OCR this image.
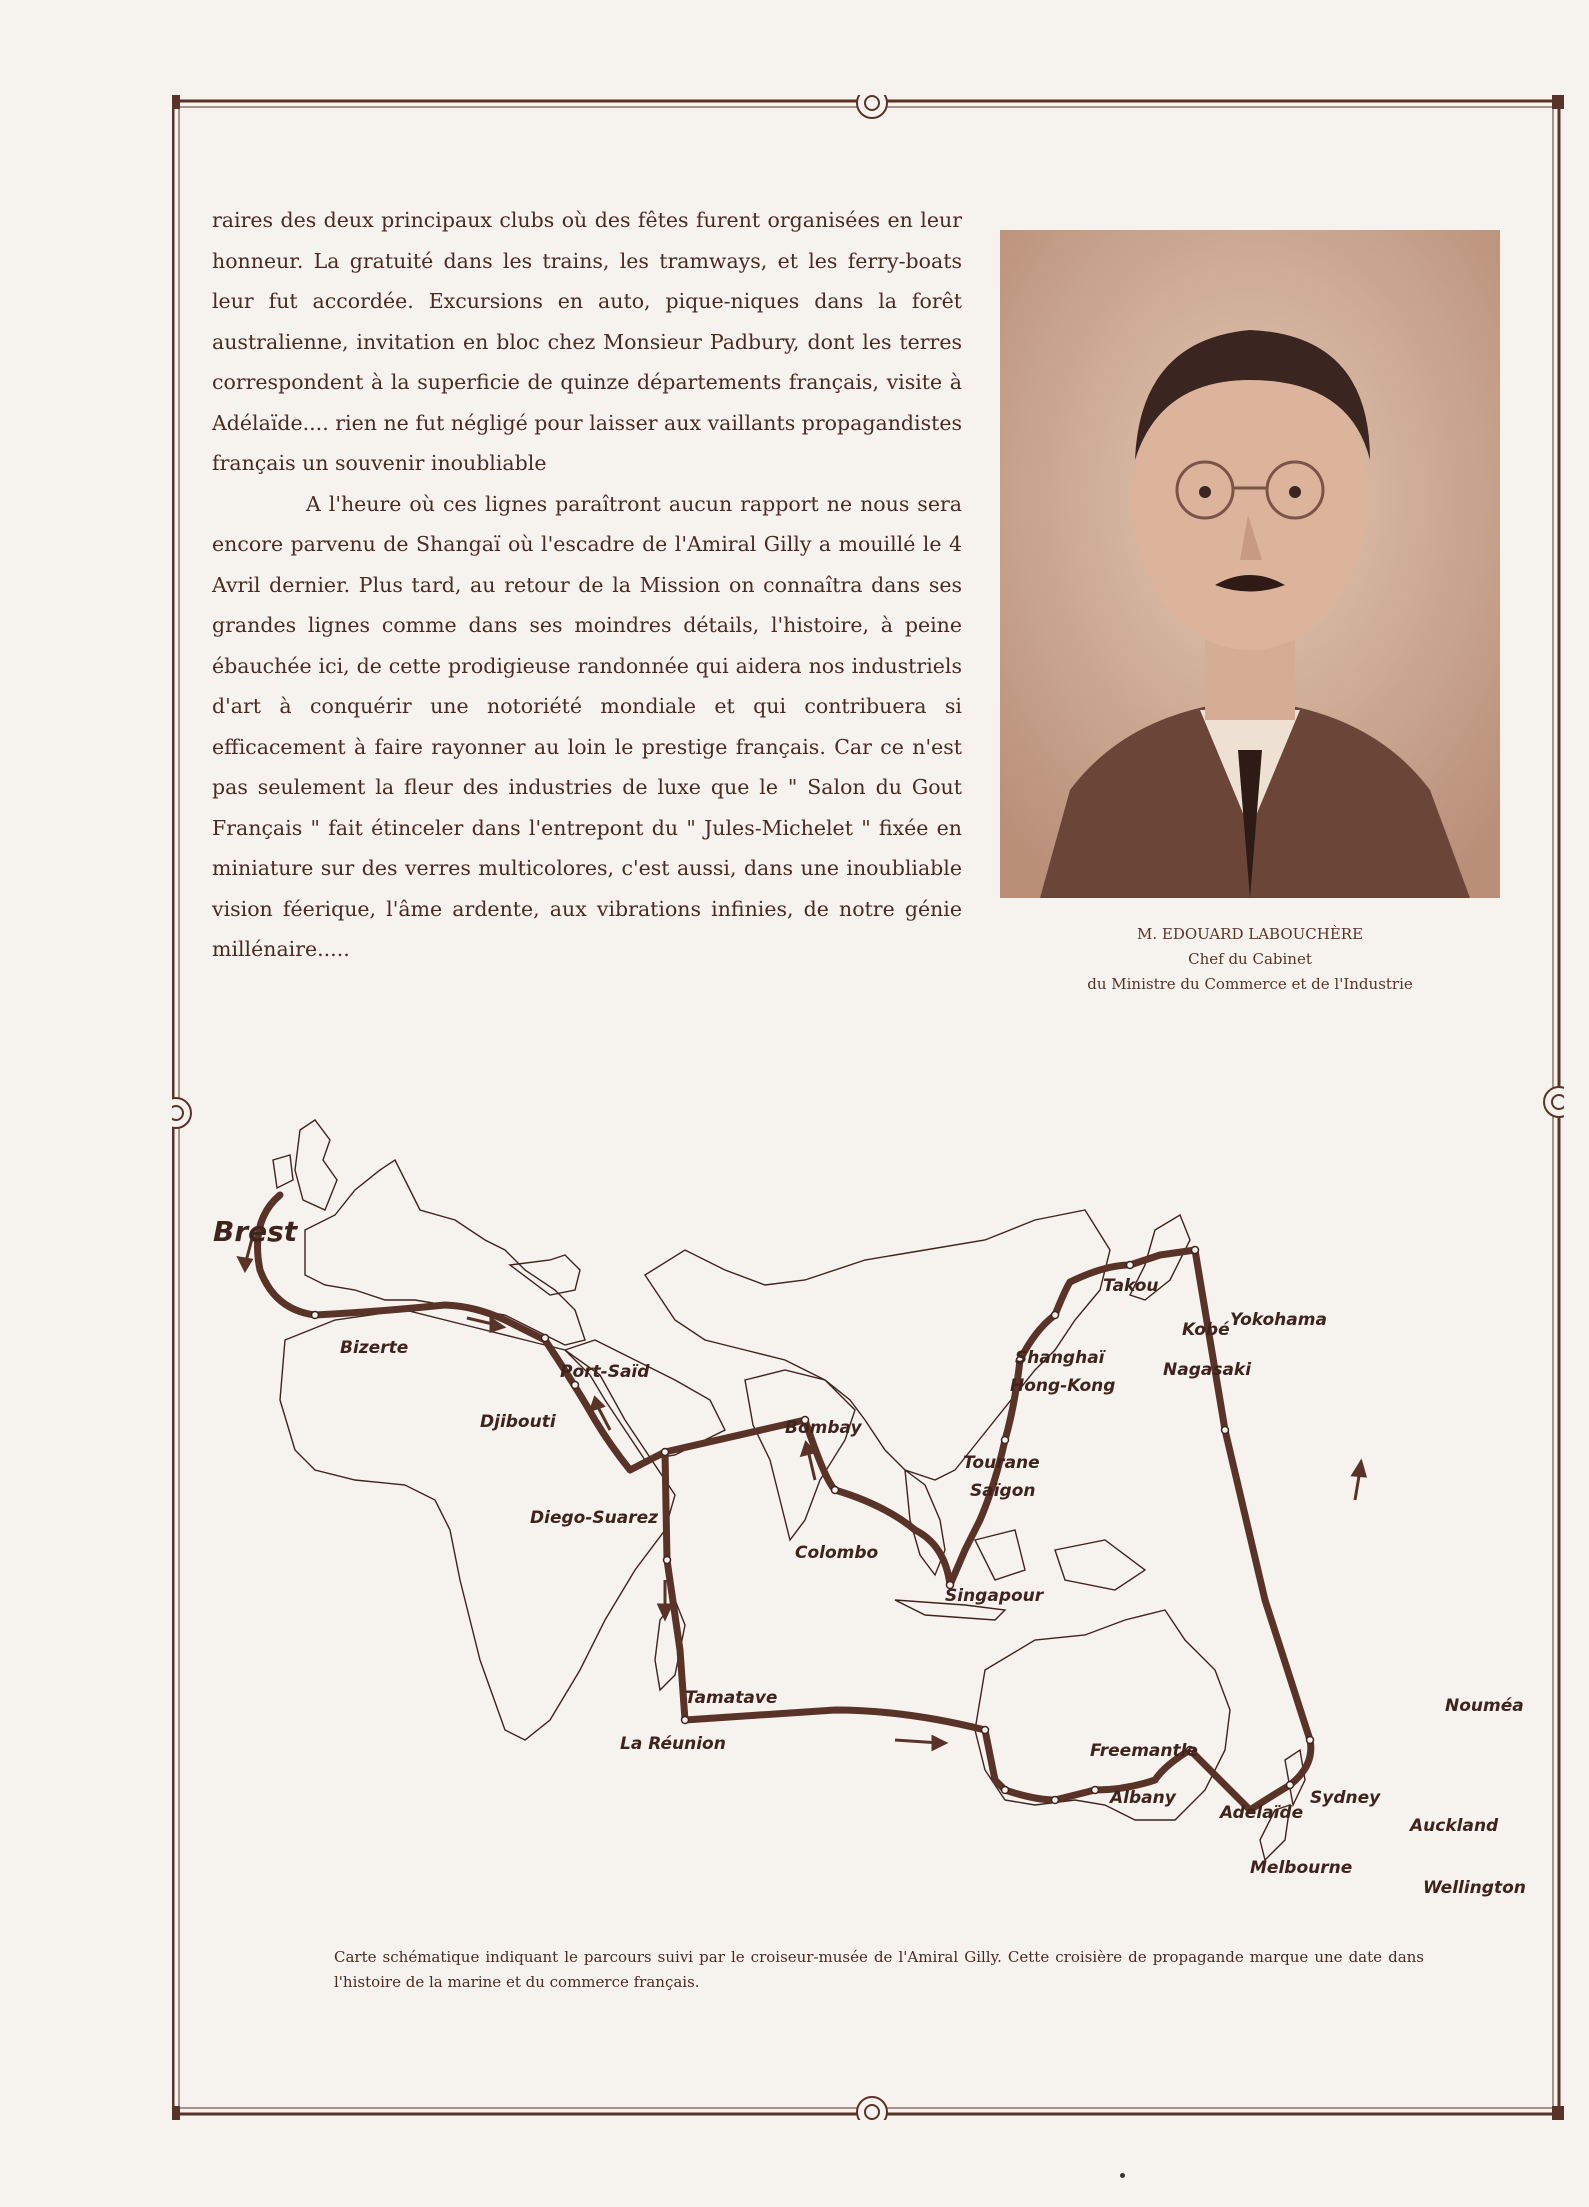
raires des deux principaux clubs où des fêtes furent organisées en leur honneur. La gratuité dans les trains, les tramways, et les ferry-boats leur fut accordée. Excursions en auto, pique-niques dans la forêt australienne, invitation en bloc chez Monsieur Padbury, dont les terres correspondent à la superficie de quinze départements français, visite à Adélaïde.... rien ne fut négligé pour laisser aux vaillants propagandistes français un souvenir inoubliable

A l'heure où ces lignes paraîtront aucun rapport ne nous sera encore parvenu de Shangaï où l'escadre de l'Amiral Gilly a mouillé le 4 Avril dernier. Plus tard, au retour de la Mission on connaîtra dans ses grandes lignes comme dans ses moindres détails, l'histoire, à peine ébauchée ici, de cette prodigieuse randonnée qui aidera nos industriels d'art à conquérir une notoriété mondiale et qui contribuera si efficacement à faire rayonner au loin le prestige français. Car ce n'est pas seulement la fleur des industries de luxe que le " Salon du Gout Français " fait étinceler dans l'entrepont du " Jules-Michelet " fixée en miniature sur des verres multicolores, c'est aussi, dans une inoubliable vision féerique, l'âme ardente, aux vibrations infinies, de notre génie millénaire.....

M. EDOUARD LABOUCHÈRE
Chef du Cabinet
du Ministre du Commerce et de l'Industrie
Brest
Bizerte
Port-Saïd
Djibouti
Diego-Suarez
Bombay
Colombo
Singapour
Tourane
Saïgon
Hong-Kong
Shanghaï
Takou
Kobé Yokohama
Nagasaki
Nouméa
Auckland
Wellington
Sydney
Melbourne
Adelaïde
Albany
Freemantle
Tamatave
La Réunion
Carte schématique indiquant le parcours suivi par le croiseur-musée de l'Amiral Gilly. Cette croisière de propagande marque une date dans l'histoire de la marine et du commerce français.
